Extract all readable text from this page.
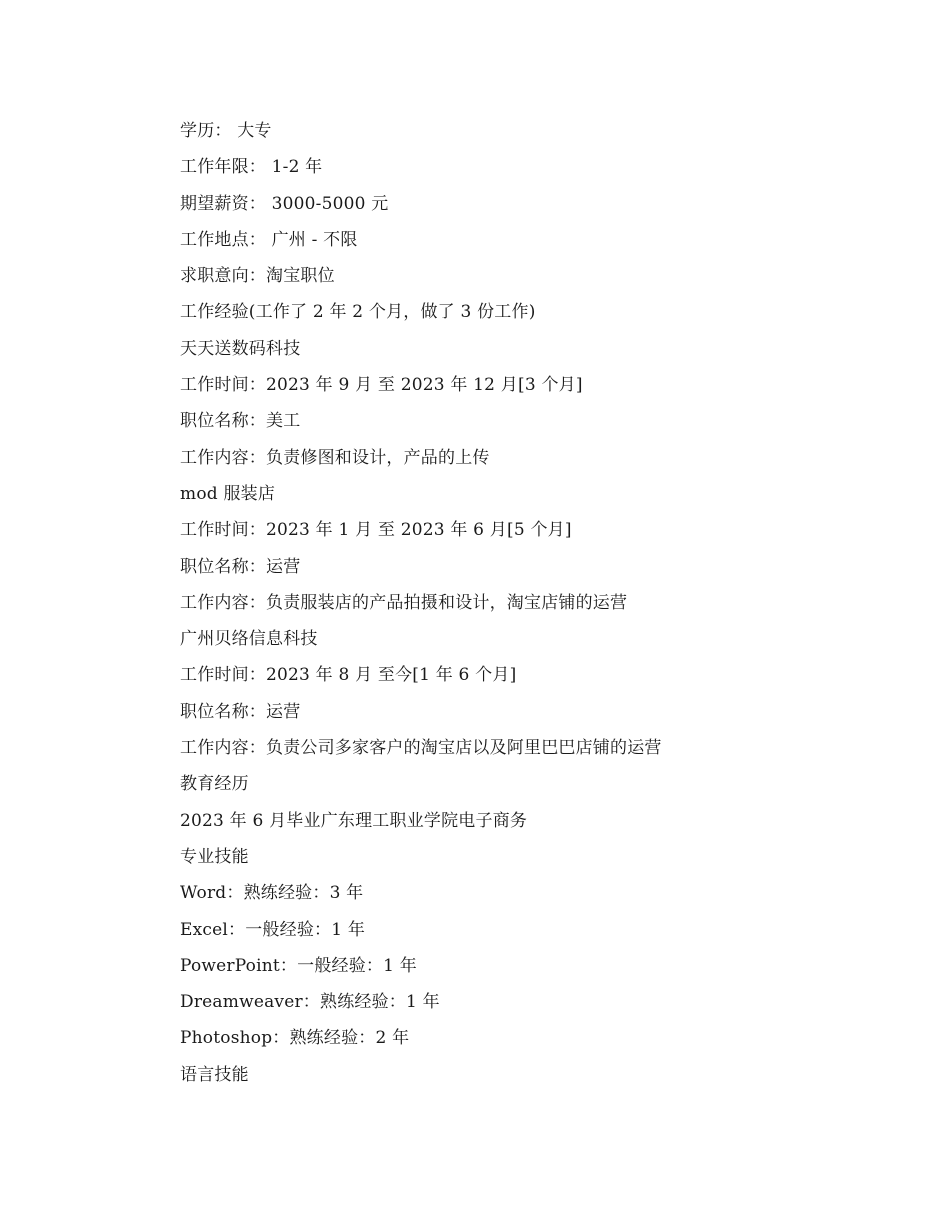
学历： 大专
工作年限： 1-2 年
期望薪资： 3000-5000 元
工作地点： 广州 - 不限
求职意向：淘宝职位
工作经验(工作了 2 年 2 个月，做了 3 份工作)
天天送数码科技
工作时间：2023 年 9 月 至 2023 年 12 月[3 个月]
职位名称：美工
工作内容：负责修图和设计，产品的上传
mod 服装店
工作时间：2023 年 1 月 至 2023 年 6 月[5 个月]
职位名称：运营
工作内容：负责服装店的产品拍摄和设计，淘宝店铺的运营
广州贝络信息科技
工作时间：2023 年 8 月 至今[1 年 6 个月]
职位名称：运营
工作内容：负责公司多家客户的淘宝店以及阿里巴巴店铺的运营
教育经历
2023 年 6 月毕业广东理工职业学院电子商务
专业技能
Word：熟练经验：3 年
Excel：一般经验：1 年
PowerPoint：一般经验：1 年
Dreamweaver：熟练经验：1 年
Photoshop：熟练经验：2 年
语言技能
